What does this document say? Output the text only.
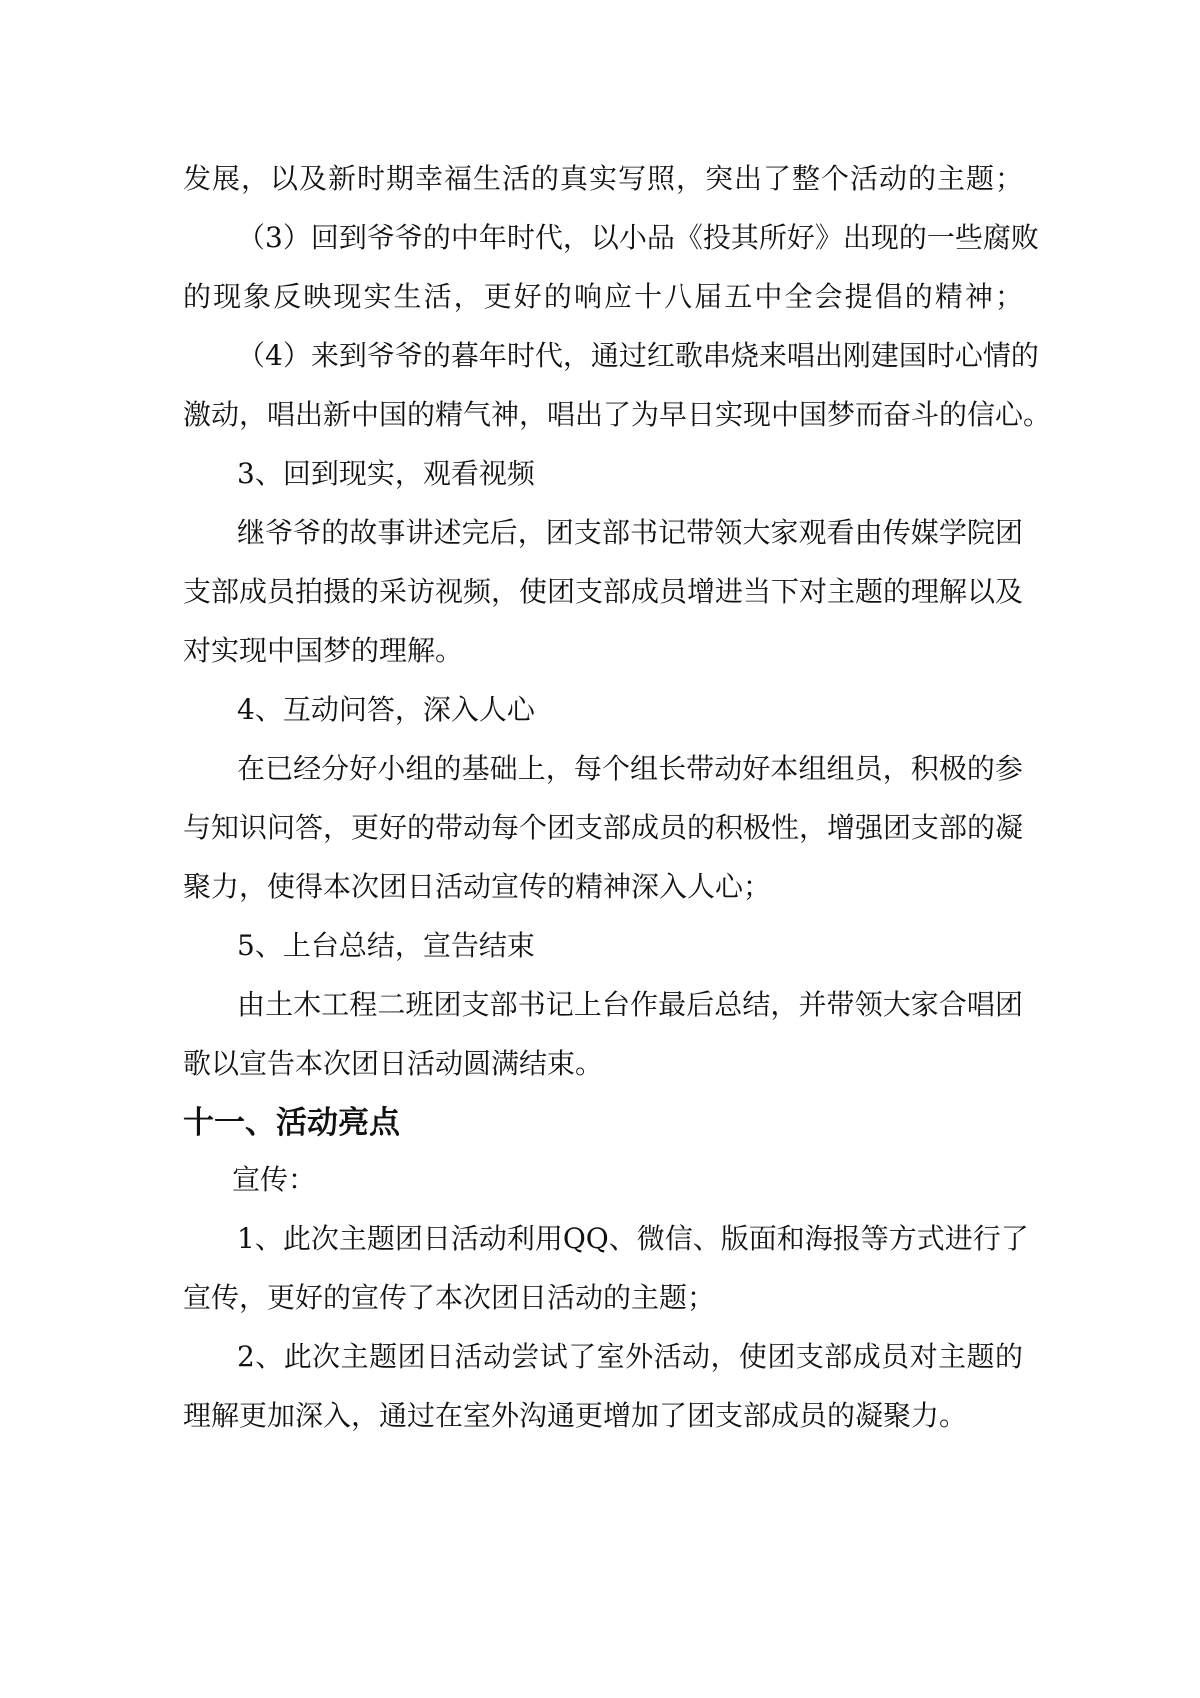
发展，以及新时期幸福生活的真实写照，突出了整个活动的主题；

（3）回到爷爷的中年时代，以小品《投其所好》出现的一些腐败

的现象反映现实生活，更好的响应十八届五中全会提倡的精神；

（4）来到爷爷的暮年时代，通过红歌串烧来唱出刚建国时心情的

激动，唱出新中国的精气神，唱出了为早日实现中国梦而奋斗的信心。

3、回到现实，观看视频

继爷爷的故事讲述完后，团支部书记带领大家观看由传媒学院团

支部成员拍摄的采访视频，使团支部成员增进当下对主题的理解以及

对实现中国梦的理解。

4、互动问答，深入人心

在已经分好小组的基础上，每个组长带动好本组组员，积极的参

与知识问答，更好的带动每个团支部成员的积极性，增强团支部的凝

聚力，使得本次团日活动宣传的精神深入人心；

5、上台总结，宣告结束

由土木工程二班团支部书记上台作最后总结，并带领大家合唱团

歌以宣告本次团日活动圆满结束。

十一、活动亮点

宣传：

1、此次主题团日活动利用QQ、微信、版面和海报等方式进行了

宣传，更好的宣传了本次团日活动的主题；

2、此次主题团日活动尝试了室外活动，使团支部成员对主题的

理解更加深入，通过在室外沟通更增加了团支部成员的凝聚力。
